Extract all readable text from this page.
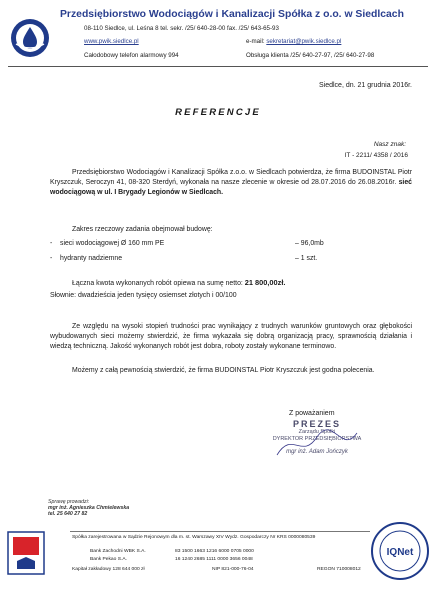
Przedsiębiorstwo Wodociągów i Kanalizacji Spółka z o.o. w Siedlcach
08-110 Siedlce, ul. Leśna 8 tel. sekr. /25/ 640-28-00 fax. /25/ 643-65-93
www.pwik.siedlce.pl	e-mail: sekretariat@pwik.siedlce.pl
Całodobowy telefon alarmowy 994	Obsługa klienta /25/ 640-27-97, /25/ 640-27-98
Siedlce, dn. 21 grudnia 2016r.
REFERENCJE
Nasz znak:
IT - 2211/ 4358 / 2016
Przedsiębiorstwo Wodociągów i Kanalizacji Spółka z.o.o. w Siedlcach potwierdza, że firma BUDOINSTAL Piotr Kryszczuk, Seroczyn 41, 08-320 Sterdyń, wykonała na nasze zlecenie w okresie od 28.07.2016 do 26.08.2016r. sieć wodociągową w ul. I Brygady Legionów w Siedlcach.
Zakres rzeczowy zadania obejmował budowę:
- sieci wodociągowej Ø 160 mm PE	– 96,0mb
- hydranty nadziemne	– 1 szt.
Łączna kwota wykonanych robót opiewa na sumę netto: 21 800,00zł.
Słownie: dwadzieścia jeden tysięcy osiemset złotych i 00/100
Ze względu na wysoki stopień trudności prac wynikający z trudnych warunków gruntowych oraz głębokości wybudowanych sieci możemy stwierdzić, że firma wykazała się dobrą organizacją pracy, sprawnością działania i wiedzą techniczną. Jakość wykonanych robót jest dobra, roboty zostały wykonane terminowo.
Możemy z całą pewnością stwierdzić, że firma BUDOINSTAL Piotr Kryszczuk jest godna polecenia.
Z poważaniem
PREZES
Zarządu Spółki
DYREKTOR PRZEDSIĘBIORSTWA
mgr inż. Adam Jończyk
Sprawę prowadzi:
mgr inż. Agnieszka Chmielewska
tel. 25 640 27 82
Spółka zarejestrowana w Sądzie Rejonowym dla m. st. Warszawy XIV Wydz. Gospodarczy Nr KRS 0000080539
Bank Zachodni WBK S.A.	83 1500 1663 1216 6000 0705 0000
Bank Pekao S.A.	16 1240 2685 1111 0000 3656 0048
Kapitał zakładowy 128 644 000 zł	NIP 821-000-76-04	REGON 710008012
IQNet
